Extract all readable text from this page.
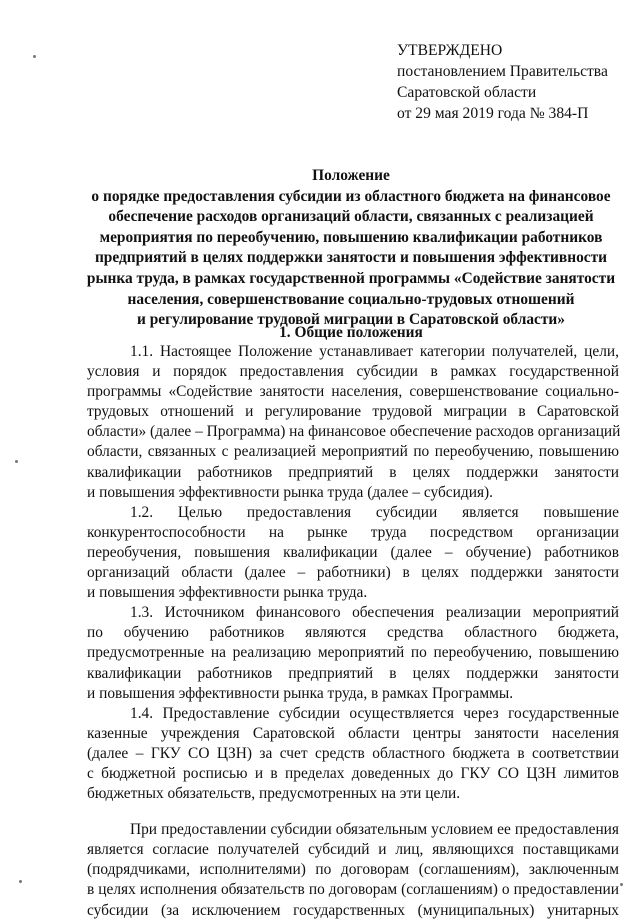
УТВЕРЖДЕНО
постановлением Правительства
Саратовской области
от 29 мая 2019 года № 384-П
Положение
о порядке предоставления субсидии из областного бюджета на финансовое
обеспечение расходов организаций области, связанных с реализацией
мероприятия по переобучению, повышению квалификации работников
предприятий в целях поддержки занятости и повышения эффективности
рынка труда, в рамках государственной программы «Содействие занятости
населения, совершенствование социально-трудовых отношений
и регулирование трудовой миграции в Саратовской области»
1. Общие положения
1.1. Настоящее Положение устанавливает категории получателей, цели,
условия и порядок предоставления субсидии в рамках государственной
программы «Содействие занятости населения, совершенствование социально-
трудовых отношений и регулирование трудовой миграции в Саратовской
области» (далее – Программа) на финансовое обеспечение расходов организаций
области, связанных с реализацией мероприятий по переобучению, повышению
квалификации работников предприятий в целях поддержки занятости
и повышения эффективности рынка труда (далее – субсидия).
1.2. Целью предоставления субсидии является повышение
конкурентоспособности на рынке труда посредством организации
переобучения, повышения квалификации (далее – обучение) работников
организаций области (далее – работники) в целях поддержки занятости
и повышения эффективности рынка труда.
1.3. Источником финансового обеспечения реализации мероприятий
по обучению работников являются средства областного бюджета,
предусмотренные на реализацию мероприятий по переобучению, повышению
квалификации работников предприятий в целях поддержки занятости
и повышения эффективности рынка труда, в рамках Программы.
1.4. Предоставление субсидии осуществляется через государственные
казенные учреждения Саратовской области центры занятости населения
(далее – ГКУ СО ЦЗН) за счет средств областного бюджета в соответствии
с бюджетной росписью и в пределах доведенных до ГКУ СО ЦЗН лимитов
бюджетных обязательств, предусмотренных на эти цели.
При предоставлении субсидии обязательным условием ее предоставления
является согласие получателей субсидий и лиц, являющихся поставщиками
(подрядчиками, исполнителями) по договорам (соглашениям), заключенным
в целях исполнения обязательств по договорам (соглашениям) о предоставлении
субсидии (за исключением государственных (муниципальных) унитарных
